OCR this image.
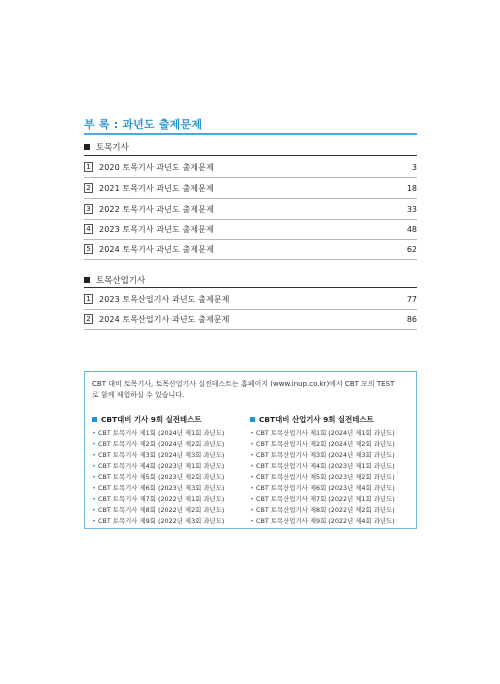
부 록 : 과년도 출제문제
토목기사
1 2020 토목기사 과년도 출제문제	3
2 2021 토목기사 과년도 출제문제	18
3 2022 토목기사 과년도 출제문제	33
4 2023 토목기사 과년도 출제문제	48
5 2024 토목기사 과년도 출제문제	62
토목산업기사
1 2023 토목산업기사 과년도 출제문제	77
2 2024 토목산업기사 과년도 출제문제	86
CBT 대비 토목기사, 토목산업기사 실전테스트는 홈페이지 (www.inup.co.kr)에서 CBT 모의 TEST
로 함께 체험하실 수 있습니다.
CBT대비 기사 9회 실전테스트
• CBT 토목기사 제1회 (2024년 제1회 과년도)
• CBT 토목기사 제2회 (2024년 제2회 과년도)
• CBT 토목기사 제3회 (2024년 제3회 과년도)
• CBT 토목기사 제4회 (2023년 제1회 과년도)
• CBT 토목기사 제5회 (2023년 제2회 과년도)
• CBT 토목기사 제6회 (2023년 제3회 과년도)
• CBT 토목기사 제7회 (2022년 제1회 과년도)
• CBT 토목기사 제8회 (2022년 제2회 과년도)
• CBT 토목기사 제9회 (2022년 제3회 과년도)
CBT대비 산업기사 9회 실전테스트
• CBT 토목산업기사 제1회 (2024년 제1회 과년도)
• CBT 토목산업기사 제2회 (2024년 제2회 과년도)
• CBT 토목산업기사 제3회 (2024년 제3회 과년도)
• CBT 토목산업기사 제4회 (2023년 제1회 과년도)
• CBT 토목산업기사 제5회 (2023년 제2회 과년도)
• CBT 토목산업기사 제6회 (2023년 제4회 과년도)
• CBT 토목산업기사 제7회 (2022년 제1회 과년도)
• CBT 토목산업기사 제8회 (2022년 제2회 과년도)
• CBT 토목산업기사 제9회 (2022년 제4회 과년도)
